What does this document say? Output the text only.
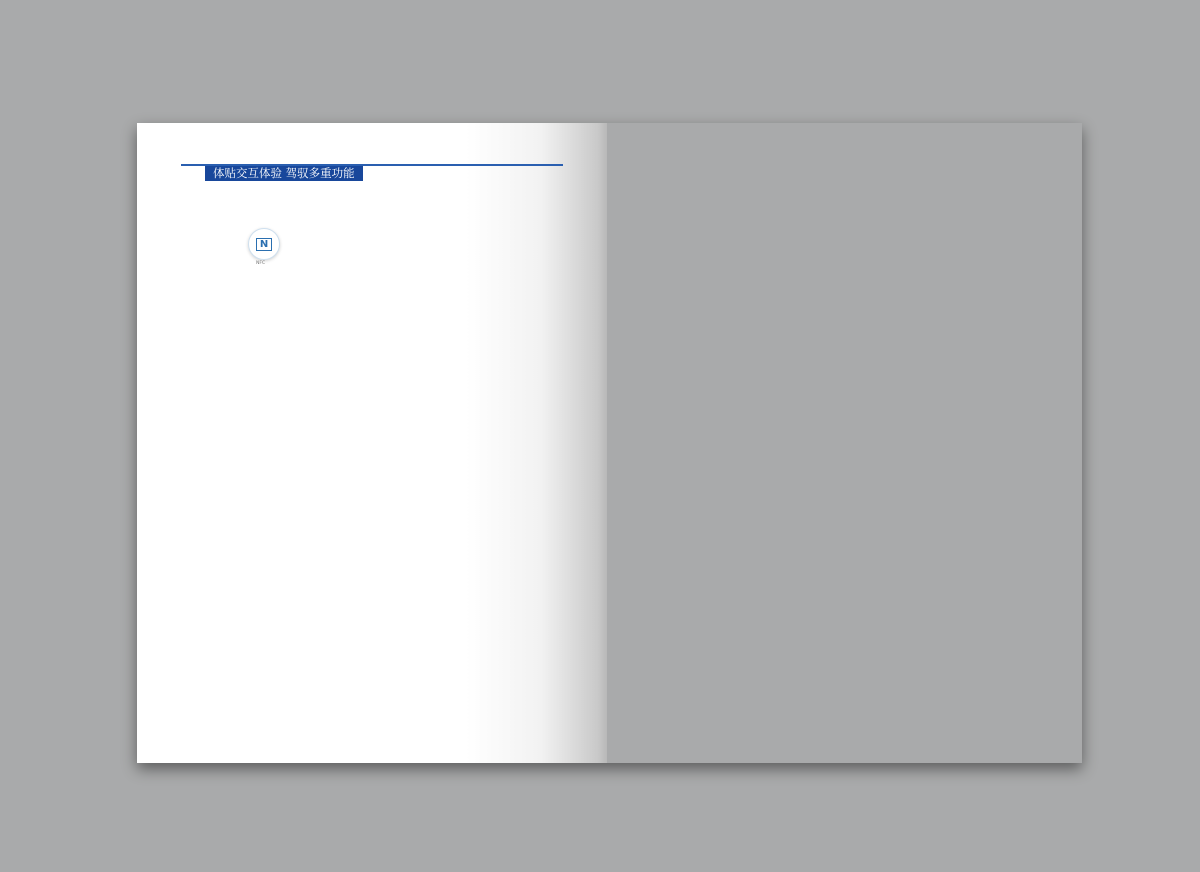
体贴交互体验 驾驭多重功能
N
NFC
